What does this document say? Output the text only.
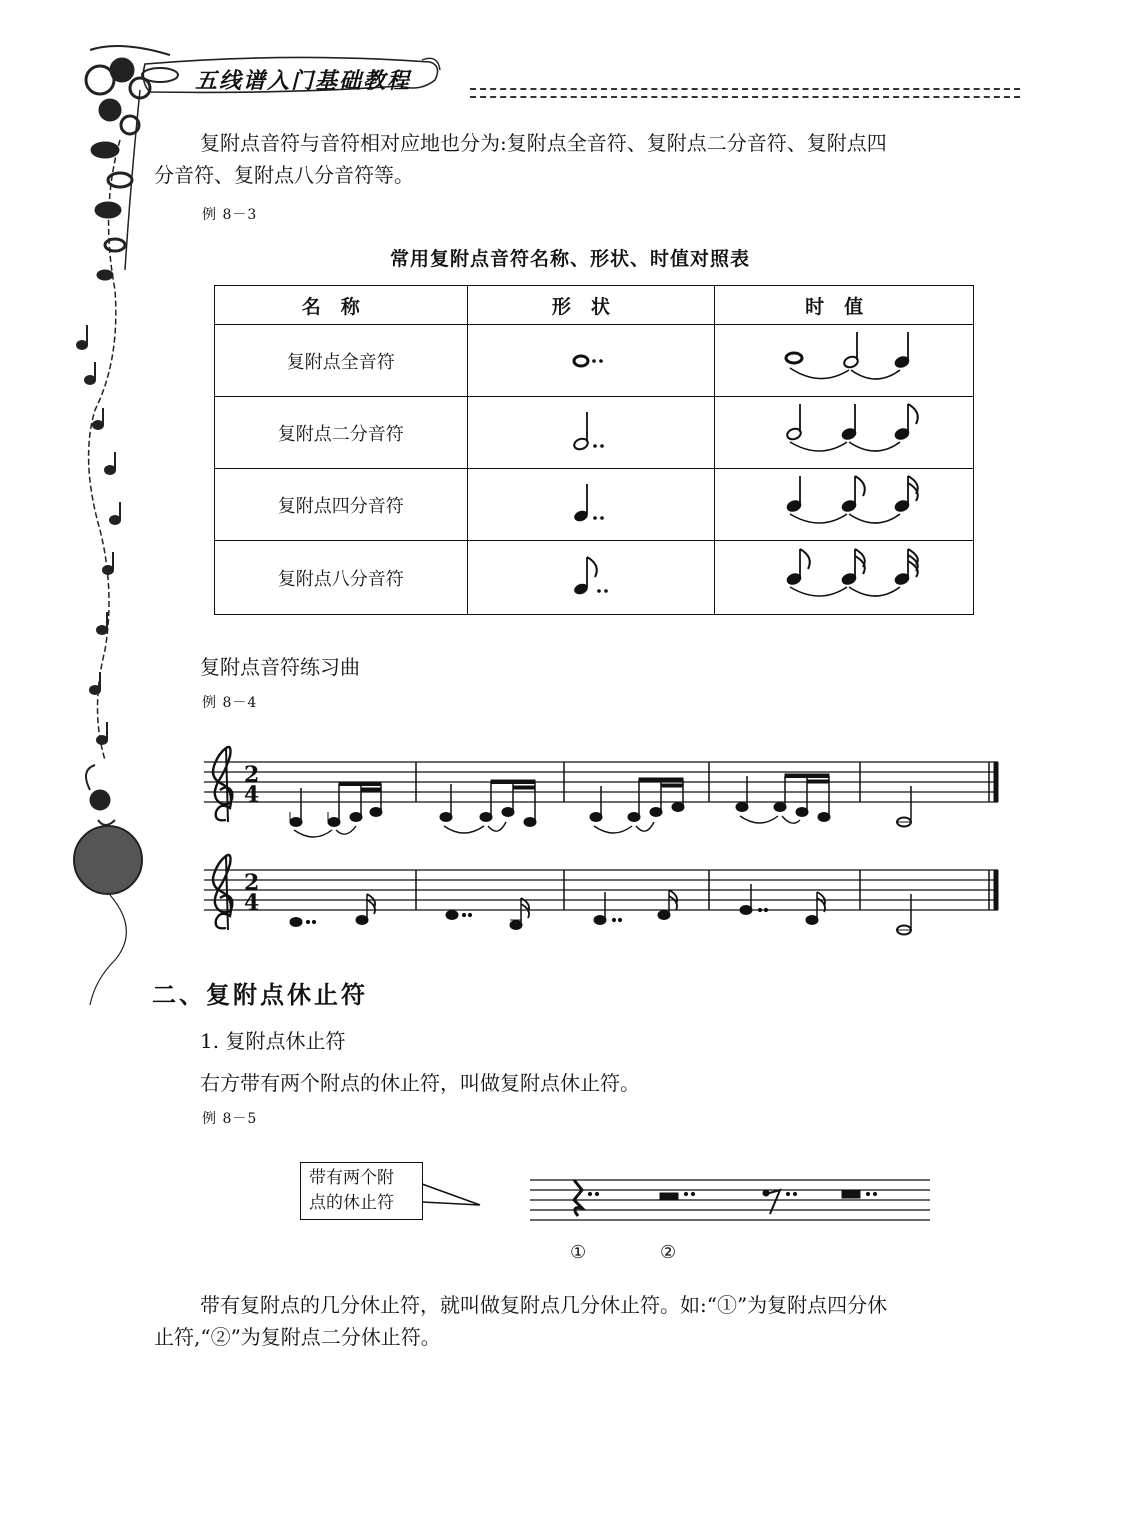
五线谱入门基础教程
复附点音符与音符相对应地也分为:复附点全音符、复附点二分音符、复附点四
分音符、复附点八分音符等。
例 8－3
常用复附点音符名称、形状、时值对照表
名称	形状	时值
复附点全音符		
复附点二分音符		
复附点四分音符		
复附点八分音符		
复附点音符练习曲
例 8－4
2
4
2
4
二、复附点休止符
1. 复附点休止符
右方带有两个附点的休止符，叫做复附点休止符。
例 8－5
带有两个附
点的休止符
①	②
带有复附点的几分休止符，就叫做复附点几分休止符。如:“①”为复附点四分休
止符,“②”为复附点二分休止符。
